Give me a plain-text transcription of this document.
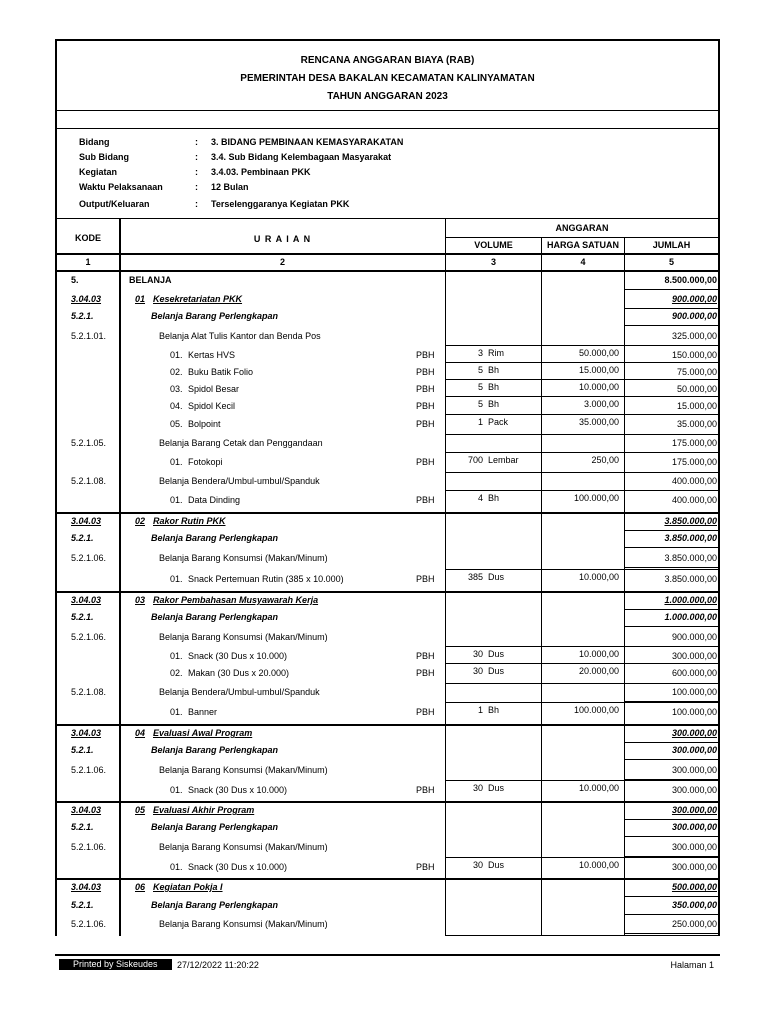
RENCANA ANGGARAN BIAYA (RAB)
PEMERINTAH DESA BAKALAN KECAMATAN KALINYAMATAN
TAHUN ANGGARAN 2023
Bidang	: 3. BIDANG PEMBINAAN KEMASYARAKATAN
Sub Bidang	: 3.4. Sub Bidang Kelembagaan Masyarakat
Kegiatan	: 3.4.03. Pembinaan PKK
Waktu Pelaksanaan	: 12 Bulan
Output/Keluaran	: Terselenggaranya Kegiatan PKK
KODE	U R A I A N
ANGGARAN
VOLUME	HARGA SATUAN	JUMLAH
1	2	3	4	5
5.	BELANJA	8.500.000,00
3.04.03	01 Kesekretariatan PKK	900.000,00
5.2.1.	Belanja Barang Perlengkapan	900.000,00
5.2.1.01.	Belanja Alat Tulis Kantor dan Benda Pos	325.000,00
01. Kertas HVS	PBH	3 Rim	50.000,00	150.000,00
02. Buku Batik Folio	PBH	5 Bh	15.000,00	75.000,00
03. Spidol Besar	PBH	5 Bh	10.000,00	50.000,00
04. Spidol Kecil	PBH	5 Bh	3.000,00	15.000,00
05. Bolpoint	PBH	1 Pack	35.000,00	35.000,00
5.2.1.05.	Belanja Barang Cetak dan Penggandaan	175.000,00
01. Fotokopi	PBH	700 Lembar	250,00	175.000,00
5.2.1.08.	Belanja Bendera/Umbul-umbul/Spanduk	400.000,00
01. Data Dinding	PBH	4 Bh	100.000,00	400.000,00
3.04.03	02 Rakor Rutin PKK	3.850.000,00
5.2.1.	Belanja Barang Perlengkapan	3.850.000,00
5.2.1.06.	Belanja Barang Konsumsi (Makan/Minum)	3.850.000,00
01. Snack Pertemuan Rutin (385 x 10.000)	PBH	385 Dus	10.000,00	3.850.000,00
3.04.03	03 Rakor Pembahasan Musyawarah Kerja	1.000.000,00
5.2.1.	Belanja Barang Perlengkapan	1.000.000,00
5.2.1.06.	Belanja Barang Konsumsi (Makan/Minum)	900.000,00
01. Snack (30 Dus x 10.000)	PBH	30 Dus	10.000,00	300.000,00
02. Makan (30 Dus x 20.000)	PBH	30 Dus	20.000,00	600.000,00
5.2.1.08.	Belanja Bendera/Umbul-umbul/Spanduk	100.000,00
01. Banner	PBH	1 Bh	100.000,00	100.000,00
3.04.03	04 Evaluasi Awal Program	300.000,00
5.2.1.	Belanja Barang Perlengkapan	300.000,00
5.2.1.06.	Belanja Barang Konsumsi (Makan/Minum)	300.000,00
01. Snack (30 Dus x 10.000)	PBH	30 Dus	10.000,00	300.000,00
3.04.03	05 Evaluasi Akhir Program	300.000,00
5.2.1.	Belanja Barang Perlengkapan	300.000,00
5.2.1.06.	Belanja Barang Konsumsi (Makan/Minum)	300.000,00
01. Snack (30 Dus x 10.000)	PBH	30 Dus	10.000,00	300.000,00
3.04.03	06 Kegiatan Pokja I	500.000,00
5.2.1.	Belanja Barang Perlengkapan	350.000,00
5.2.1.06.	Belanja Barang Konsumsi (Makan/Minum)	250.000,00
Printed by Siskeudes	27/12/2022 11:20:22	Halaman 1
